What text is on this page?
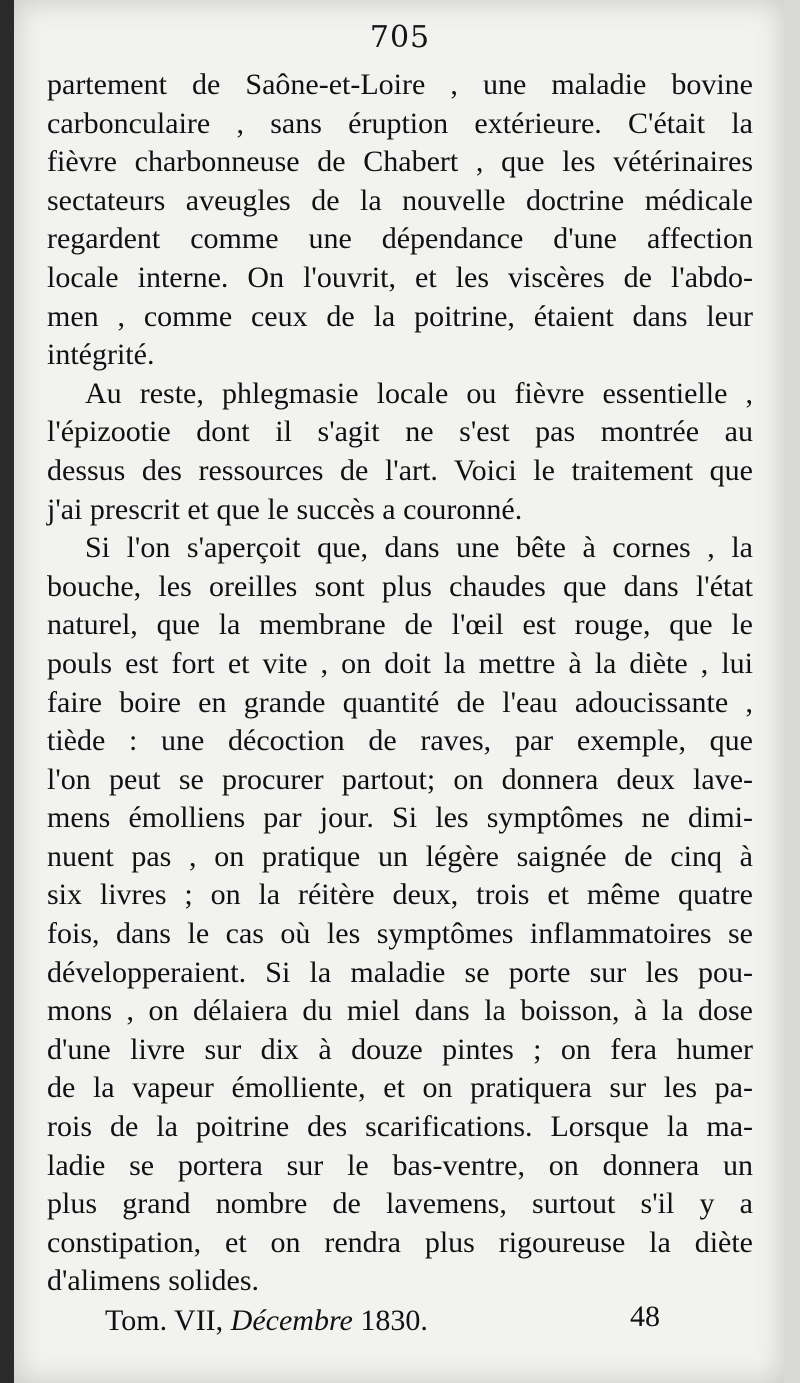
705
partement de Saône-et-Loire , une maladie bovine
carbonculaire , sans éruption extérieure. C'était la
fièvre charbonneuse de Chabert , que les vétérinaires
sectateurs aveugles de la nouvelle doctrine médicale
regardent comme une dépendance d'une affection
locale interne. On l'ouvrit, et les viscères de l'abdo-
men , comme ceux de la poitrine, étaient dans leur
intégrité.
Au reste, phlegmasie locale ou fièvre essentielle ,
l'épizootie dont il s'agit ne s'est pas montrée au
dessus des ressources de l'art. Voici le traitement que
j'ai prescrit et que le succès a couronné.
Si l'on s'aperçoit que, dans une bête à cornes , la
bouche, les oreilles sont plus chaudes que dans l'état
naturel, que la membrane de l'œil est rouge, que le
pouls est fort et vite , on doit la mettre à la diète , lui
faire boire en grande quantité de l'eau adoucissante ,
tiède : une décoction de raves, par exemple, que
l'on peut se procurer partout; on donnera deux lave-
mens émolliens par jour. Si les symptômes ne dimi-
nuent pas , on pratique un légère saignée de cinq à
six livres ; on la réitère deux, trois et même quatre
fois, dans le cas où les symptômes inflammatoires se
développeraient. Si la maladie se porte sur les pou-
mons , on délaiera du miel dans la boisson, à la dose
d'une livre sur dix à douze pintes ; on fera humer
de la vapeur émolliente, et on pratiquera sur les pa-
rois de la poitrine des scarifications. Lorsque la ma-
ladie se portera sur le bas-ventre, on donnera un
plus grand nombre de lavemens, surtout s'il y a
constipation, et on rendra plus rigoureuse la diète
d'alimens solides.
Tom. VII, Décembre 1830.	48
